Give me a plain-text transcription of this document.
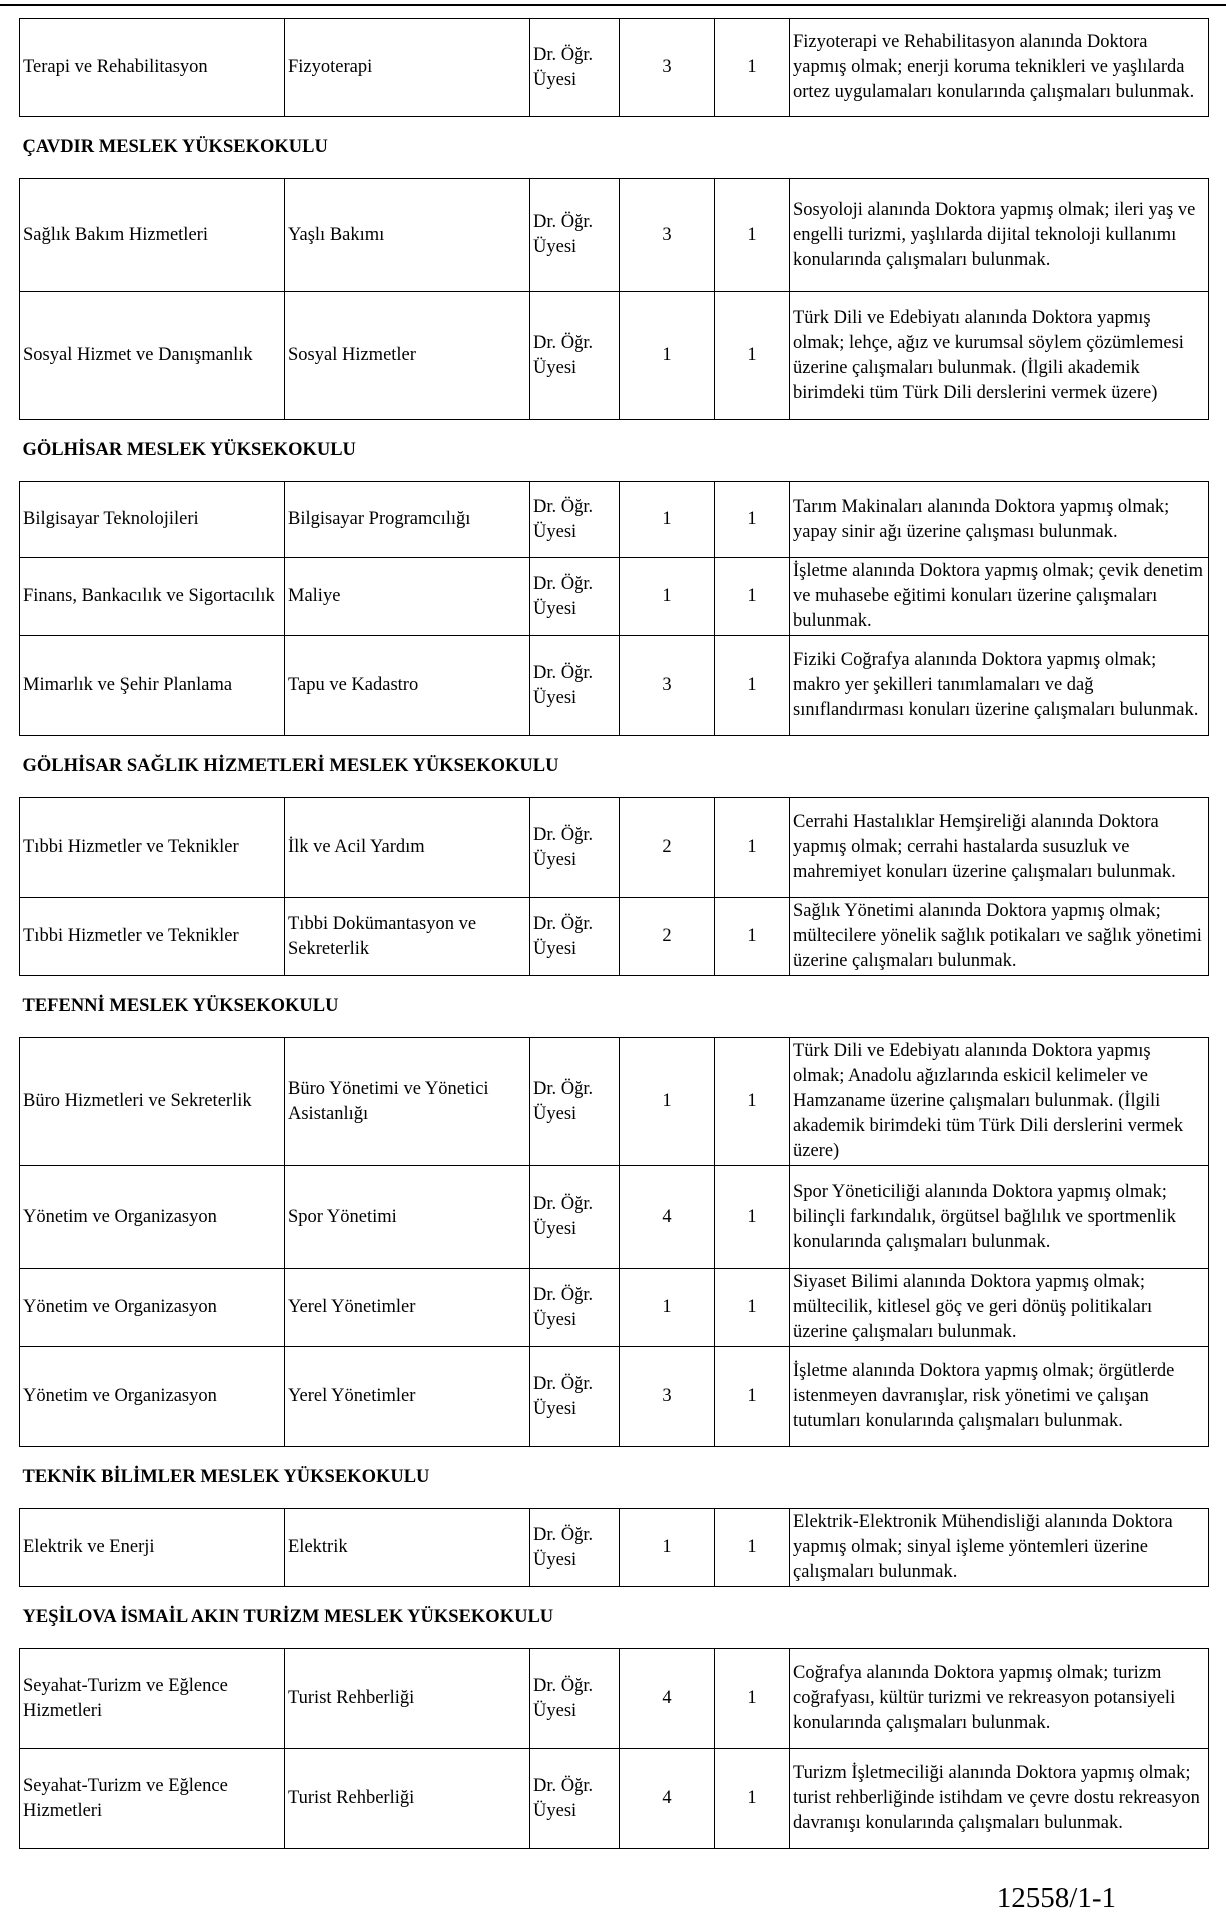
Terapi ve Rehabilitasyon	Fizyoterapi	Dr. Öğr. Üyesi	3	1	Fizyoterapi ve Rehabilitasyon alanında Doktora yapmış olmak; enerji koruma teknikleri ve yaşlılarda ortez uygulamaları konularında çalışmaları bulunmak.
ÇAVDIR MESLEK YÜKSEKOKULU					
Sağlık Bakım Hizmetleri	Yaşlı Bakımı	Dr. Öğr. Üyesi	3	1	Sosyoloji alanında Doktora yapmış olmak; ileri yaş ve engelli turizmi, yaşlılarda dijital teknoloji kullanımı konularında çalışmaları bulunmak.
Sosyal Hizmet ve Danışmanlık	Sosyal Hizmetler	Dr. Öğr. Üyesi	1	1	Türk Dili ve Edebiyatı alanında Doktora yapmış olmak; lehçe, ağız ve kurumsal söylem çözümlemesi üzerine çalışmaları bulunmak. (İlgili akademik birimdeki tüm Türk Dili derslerini vermek üzere)
GÖLHİSAR MESLEK YÜKSEKOKULU					
Bilgisayar Teknolojileri	Bilgisayar Programcılığı	Dr. Öğr. Üyesi	1	1	Tarım Makinaları alanında Doktora yapmış olmak; yapay sinir ağı üzerine çalışması bulunmak.
Finans, Bankacılık ve Sigortacılık	Maliye	Dr. Öğr. Üyesi	1	1	İşletme alanında Doktora yapmış olmak; çevik denetim ve muhasebe eğitimi konuları üzerine çalışmaları bulunmak.
Mimarlık ve Şehir Planlama	Tapu ve Kadastro	Dr. Öğr. Üyesi	3	1	Fiziki Coğrafya alanında Doktora yapmış olmak; makro yer şekilleri tanımlamaları ve dağ sınıflandırması konuları üzerine çalışmaları bulunmak.
GÖLHİSAR SAĞLIK HİZMETLERİ MESLEK YÜKSEKOKULU					
Tıbbi Hizmetler ve Teknikler	İlk ve Acil Yardım	Dr. Öğr. Üyesi	2	1	Cerrahi Hastalıklar Hemşireliği alanında Doktora yapmış olmak; cerrahi hastalarda susuzluk ve mahremiyet konuları üzerine çalışmaları bulunmak.
Tıbbi Hizmetler ve Teknikler	Tıbbi Dokümantasyon ve Sekreterlik	Dr. Öğr. Üyesi	2	1	Sağlık Yönetimi alanında Doktora yapmış olmak; mültecilere yönelik sağlık potikaları ve sağlık yönetimi üzerine çalışmaları bulunmak.
TEFENNİ MESLEK YÜKSEKOKULU					
Büro Hizmetleri ve Sekreterlik	Büro Yönetimi ve Yönetici Asistanlığı	Dr. Öğr. Üyesi	1	1	Türk Dili ve Edebiyatı alanında Doktora yapmış olmak; Anadolu ağızlarında eskicil kelimeler ve Hamzaname üzerine çalışmaları bulunmak. (İlgili akademik birimdeki tüm Türk Dili derslerini vermek üzere)
Yönetim ve Organizasyon	Spor Yönetimi	Dr. Öğr. Üyesi	4	1	Spor Yöneticiliği alanında Doktora yapmış olmak; bilinçli farkındalık, örgütsel bağlılık ve sportmenlik konularında çalışmaları bulunmak.
Yönetim ve Organizasyon	Yerel Yönetimler	Dr. Öğr. Üyesi	1	1	Siyaset Bilimi alanında Doktora yapmış olmak; mültecilik, kitlesel göç ve geri dönüş politikaları üzerine çalışmaları bulunmak.
Yönetim ve Organizasyon	Yerel Yönetimler	Dr. Öğr. Üyesi	3	1	İşletme alanında Doktora yapmış olmak; örgütlerde istenmeyen davranışlar, risk yönetimi ve çalışan tutumları konularında çalışmaları bulunmak.
TEKNİK BİLİMLER MESLEK YÜKSEKOKULU					
Elektrik ve Enerji	Elektrik	Dr. Öğr. Üyesi	1	1	Elektrik-Elektronik Mühendisliği alanında Doktora yapmış olmak; sinyal işleme yöntemleri üzerine çalışmaları bulunmak.
YEŞİLOVA İSMAİL AKIN TURİZM MESLEK YÜKSEKOKULU					
Seyahat-Turizm ve Eğlence Hizmetleri	Turist Rehberliği	Dr. Öğr. Üyesi	4	1	Coğrafya alanında Doktora yapmış olmak; turizm coğrafyası, kültür turizmi ve rekreasyon potansiyeli konularında çalışmaları bulunmak.
Seyahat-Turizm ve Eğlence Hizmetleri	Turist Rehberliği	Dr. Öğr. Üyesi	4	1	Turizm İşletmeciliği alanında Doktora yapmış olmak; turist rehberliğinde istihdam ve çevre dostu rekreasyon davranışı konularında çalışmaları bulunmak.
12558/1-1
